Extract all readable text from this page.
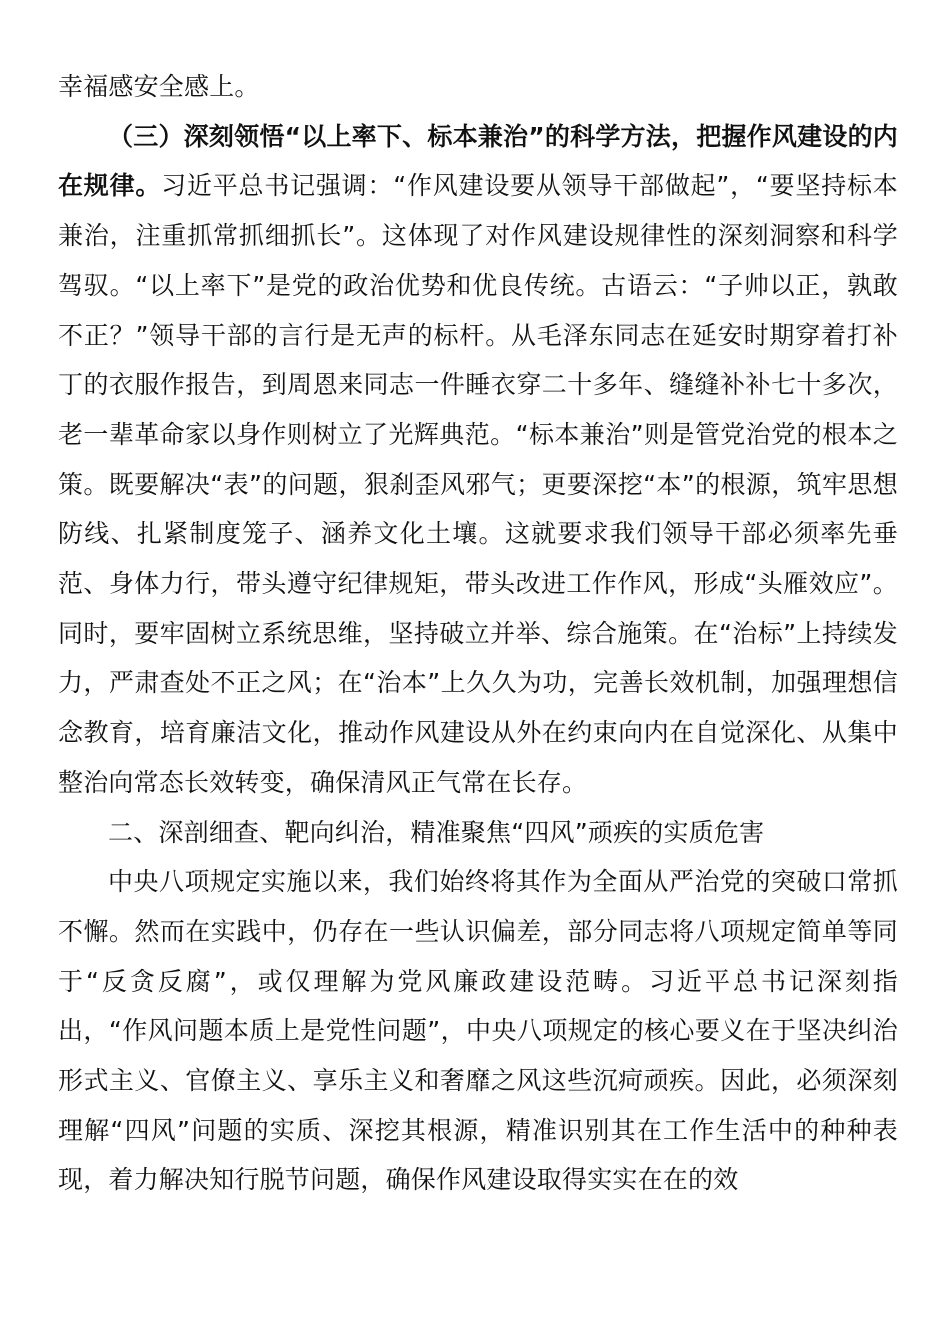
幸福感安全感上。

（三）深刻领悟“以上率下、标本兼治”的科学方法，把握作风建设的内在规律。习近平总书记强调：“作风建设要从领导干部做起”，“要坚持标本兼治，注重抓常抓细抓长”。这体现了对作风建设规律性的深刻洞察和科学驾驭。“以上率下”是党的政治优势和优良传统。古语云：“子帅以正，孰敢不正？”领导干部的言行是无声的标杆。从毛泽东同志在延安时期穿着打补丁的衣服作报告，到周恩来同志一件睡衣穿二十多年、缝缝补补七十多次，老一辈革命家以身作则树立了光辉典范。“标本兼治”则是管党治党的根本之策。既要解决“表”的问题，狠刹歪风邪气；更要深挖“本”的根源，筑牢思想防线、扎紧制度笼子、涵养文化土壤。这就要求我们领导干部必须率先垂范、身体力行，带头遵守纪律规矩，带头改进工作作风，形成“头雁效应”。同时，要牢固树立系统思维，坚持破立并举、综合施策。在“治标”上持续发力，严肃查处不正之风；在“治本”上久久为功，完善长效机制，加强理想信念教育，培育廉洁文化，推动作风建设从外在约束向内在自觉深化、从集中整治向常态长效转变，确保清风正气常在长存。

二、深剖细查、靶向纠治，精准聚焦“四风”顽疾的实质危害

中央八项规定实施以来，我们始终将其作为全面从严治党的突破口常抓不懈。然而在实践中，仍存在一些认识偏差，部分同志将八项规定简单等同于“反贪反腐”，或仅理解为党风廉政建设范畴。习近平总书记深刻指出，“作风问题本质上是党性问题”，中央八项规定的核心要义在于坚决纠治形式主义、官僚主义、享乐主义和奢靡之风这些沉疴顽疾。因此，必须深刻理解“四风”问题的实质、深挖其根源，精准识别其在工作生活中的种种表现，着力解决知行脱节问题，确保作风建设取得实实在在的效
